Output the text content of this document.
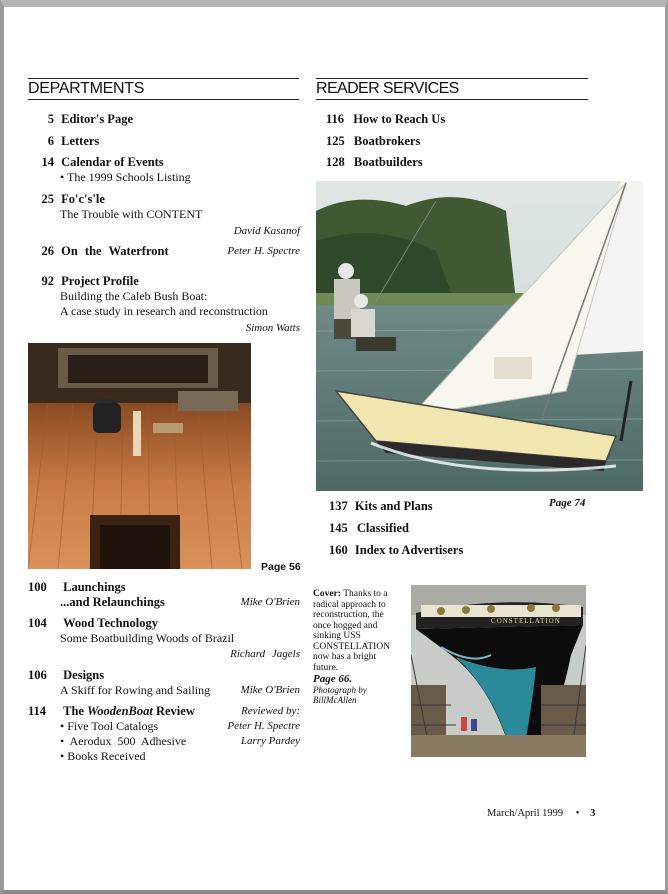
DEPARTMENTS
5 Editor's Page
6 Letters
14 Calendar of Events
• The 1999 Schools Listing
25 Fo'c's'le
The Trouble with CONTENT
David Kasanof
26 On the Waterfront	Peter H. Spectre
92 Project Profile
Building the Caleb Bush Boat:
A case study in research and reconstruction
Simon Watts
Page 56
100 Launchings
...and Relaunchings	Mike O'Brien
104 Wood Technology
Some Boatbuilding Woods of Brazil
Richard Jagels
106 Designs
A Skiff for Rowing and Sailing	Mike O'Brien
114 The WoodenBoat Review	Reviewed by:
• Five Tool Catalogs	Peter H. Spectre
• Aerodux 500 Adhesive	Larry Pardey
• Books Received
READER SERVICES
116 How to Reach Us
125 Boatbrokers
128 Boatbuilders
Page 74
137 Kits and Plans
145 Classified
160 Index to Advertisers
Cover: Thanks to a radical approach to reconstruction, the once hogged and sinking USS CONSTELLATION now has a bright future.
Page 66.
Photograph by BillMcAllen
CONSTELLATION
March/April 1999 • 3
